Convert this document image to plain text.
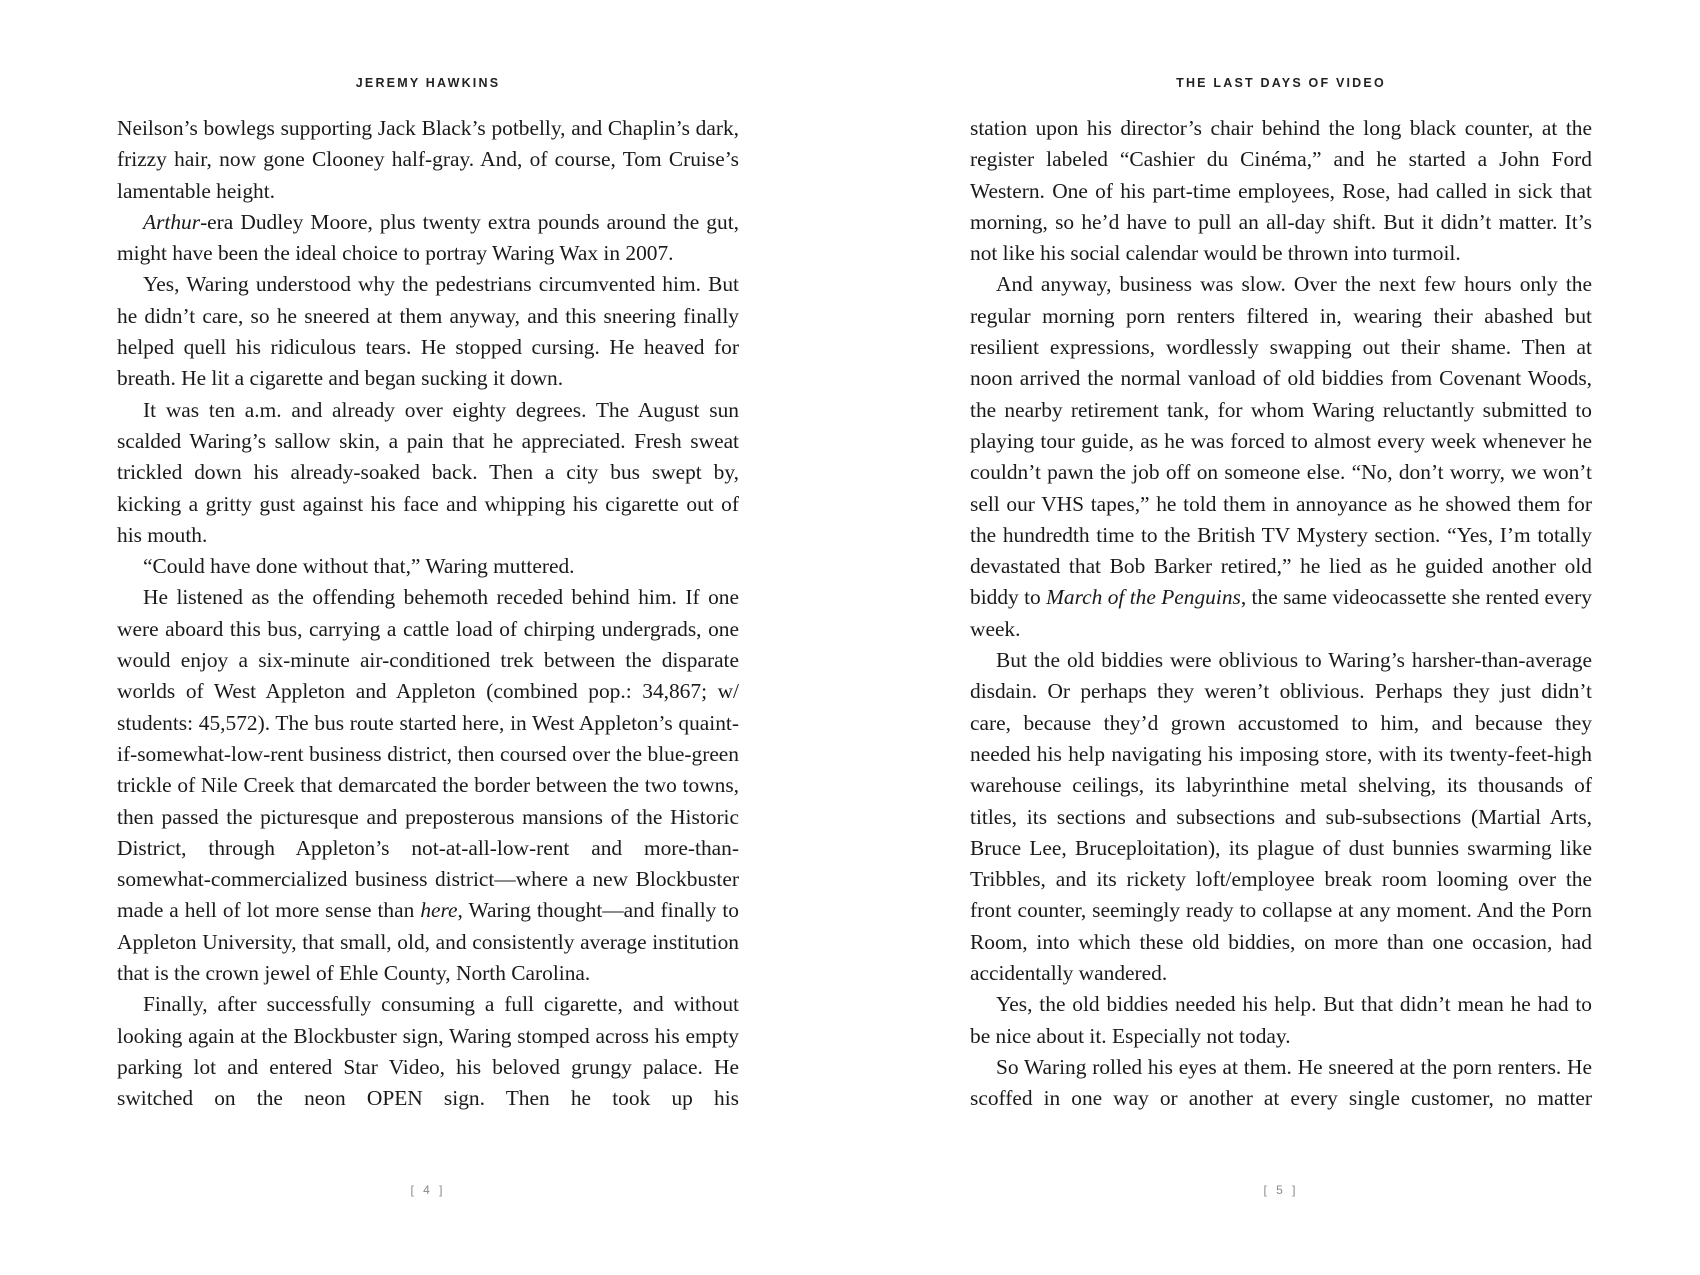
JEREMY HAWKINS

Neilson’s bowlegs supporting Jack Black’s potbelly, and Chaplin’s dark, frizzy hair, now gone Clooney half-gray. And, of course, Tom Cruise’s lamentable height.

Arthur-era Dudley Moore, plus twenty extra pounds around the gut, might have been the ideal choice to portray Waring Wax in 2007.

Yes, Waring understood why the pedestrians circumvented him. But he didn’t care, so he sneered at them anyway, and this sneering finally helped quell his ridiculous tears. He stopped cursing. He heaved for breath. He lit a cigarette and began sucking it down.

It was ten a.m. and already over eighty degrees. The August sun scalded Waring’s sallow skin, a pain that he appreciated. Fresh sweat trickled down his already-soaked back. Then a city bus swept by, kicking a gritty gust against his face and whipping his cigarette out of his mouth.

“Could have done without that,” Waring muttered.

He listened as the offending behemoth receded behind him. If one were aboard this bus, carrying a cattle load of chirping undergrads, one would enjoy a six-minute air-conditioned trek between the disparate worlds of West Appleton and Appleton (combined pop.: 34,867; w/ students: 45,572). The bus route started here, in West Appleton’s quaint-if-somewhat-low-rent business district, then coursed over the blue-green trickle of Nile Creek that demarcated the border between the two towns, then passed the picturesque and preposterous mansions of the Historic District, through Appleton’s not-at-all-low-rent and more-than-somewhat-commercialized business district—where a new Blockbuster made a hell of lot more sense than here, Waring thought—and finally to Appleton University, that small, old, and consistently average institution that is the crown jewel of Ehle County, North Carolina.

Finally, after successfully consuming a full cigarette, and without looking again at the Blockbuster sign, Waring stomped across his empty parking lot and entered Star Video, his beloved grungy palace. He switched on the neon OPEN sign. Then he took up his

[ 4 ]
THE LAST DAYS OF VIDEO

station upon his director’s chair behind the long black counter, at the register labeled “Cashier du Cinéma,” and he started a John Ford Western. One of his part-time employees, Rose, had called in sick that morning, so he’d have to pull an all-day shift. But it didn’t matter. It’s not like his social calendar would be thrown into turmoil.

And anyway, business was slow. Over the next few hours only the regular morning porn renters filtered in, wearing their abashed but resilient expressions, wordlessly swapping out their shame. Then at noon arrived the normal vanload of old biddies from Covenant Woods, the nearby retirement tank, for whom Waring reluctantly submitted to playing tour guide, as he was forced to almost every week whenever he couldn’t pawn the job off on someone else. “No, don’t worry, we won’t sell our VHS tapes,” he told them in annoyance as he showed them for the hundredth time to the British TV Mystery section. “Yes, I’m totally devastated that Bob Barker retired,” he lied as he guided another old biddy to March of the Penguins, the same videocassette she rented every week.

But the old biddies were oblivious to Waring’s harsher-than-average disdain. Or perhaps they weren’t oblivious. Perhaps they just didn’t care, because they’d grown accustomed to him, and because they needed his help navigating his imposing store, with its twenty-feet-high warehouse ceilings, its labyrinthine metal shelving, its thousands of titles, its sections and subsections and sub-subsections (Martial Arts, Bruce Lee, Bruceploitation), its plague of dust bunnies swarming like Tribbles, and its rickety loft/employee break room looming over the front counter, seemingly ready to collapse at any moment. And the Porn Room, into which these old biddies, on more than one occasion, had accidentally wandered.

Yes, the old biddies needed his help. But that didn’t mean he had to be nice about it. Especially not today.

So Waring rolled his eyes at them. He sneered at the porn renters. He scoffed in one way or another at every single customer, no matter

[ 5 ]
